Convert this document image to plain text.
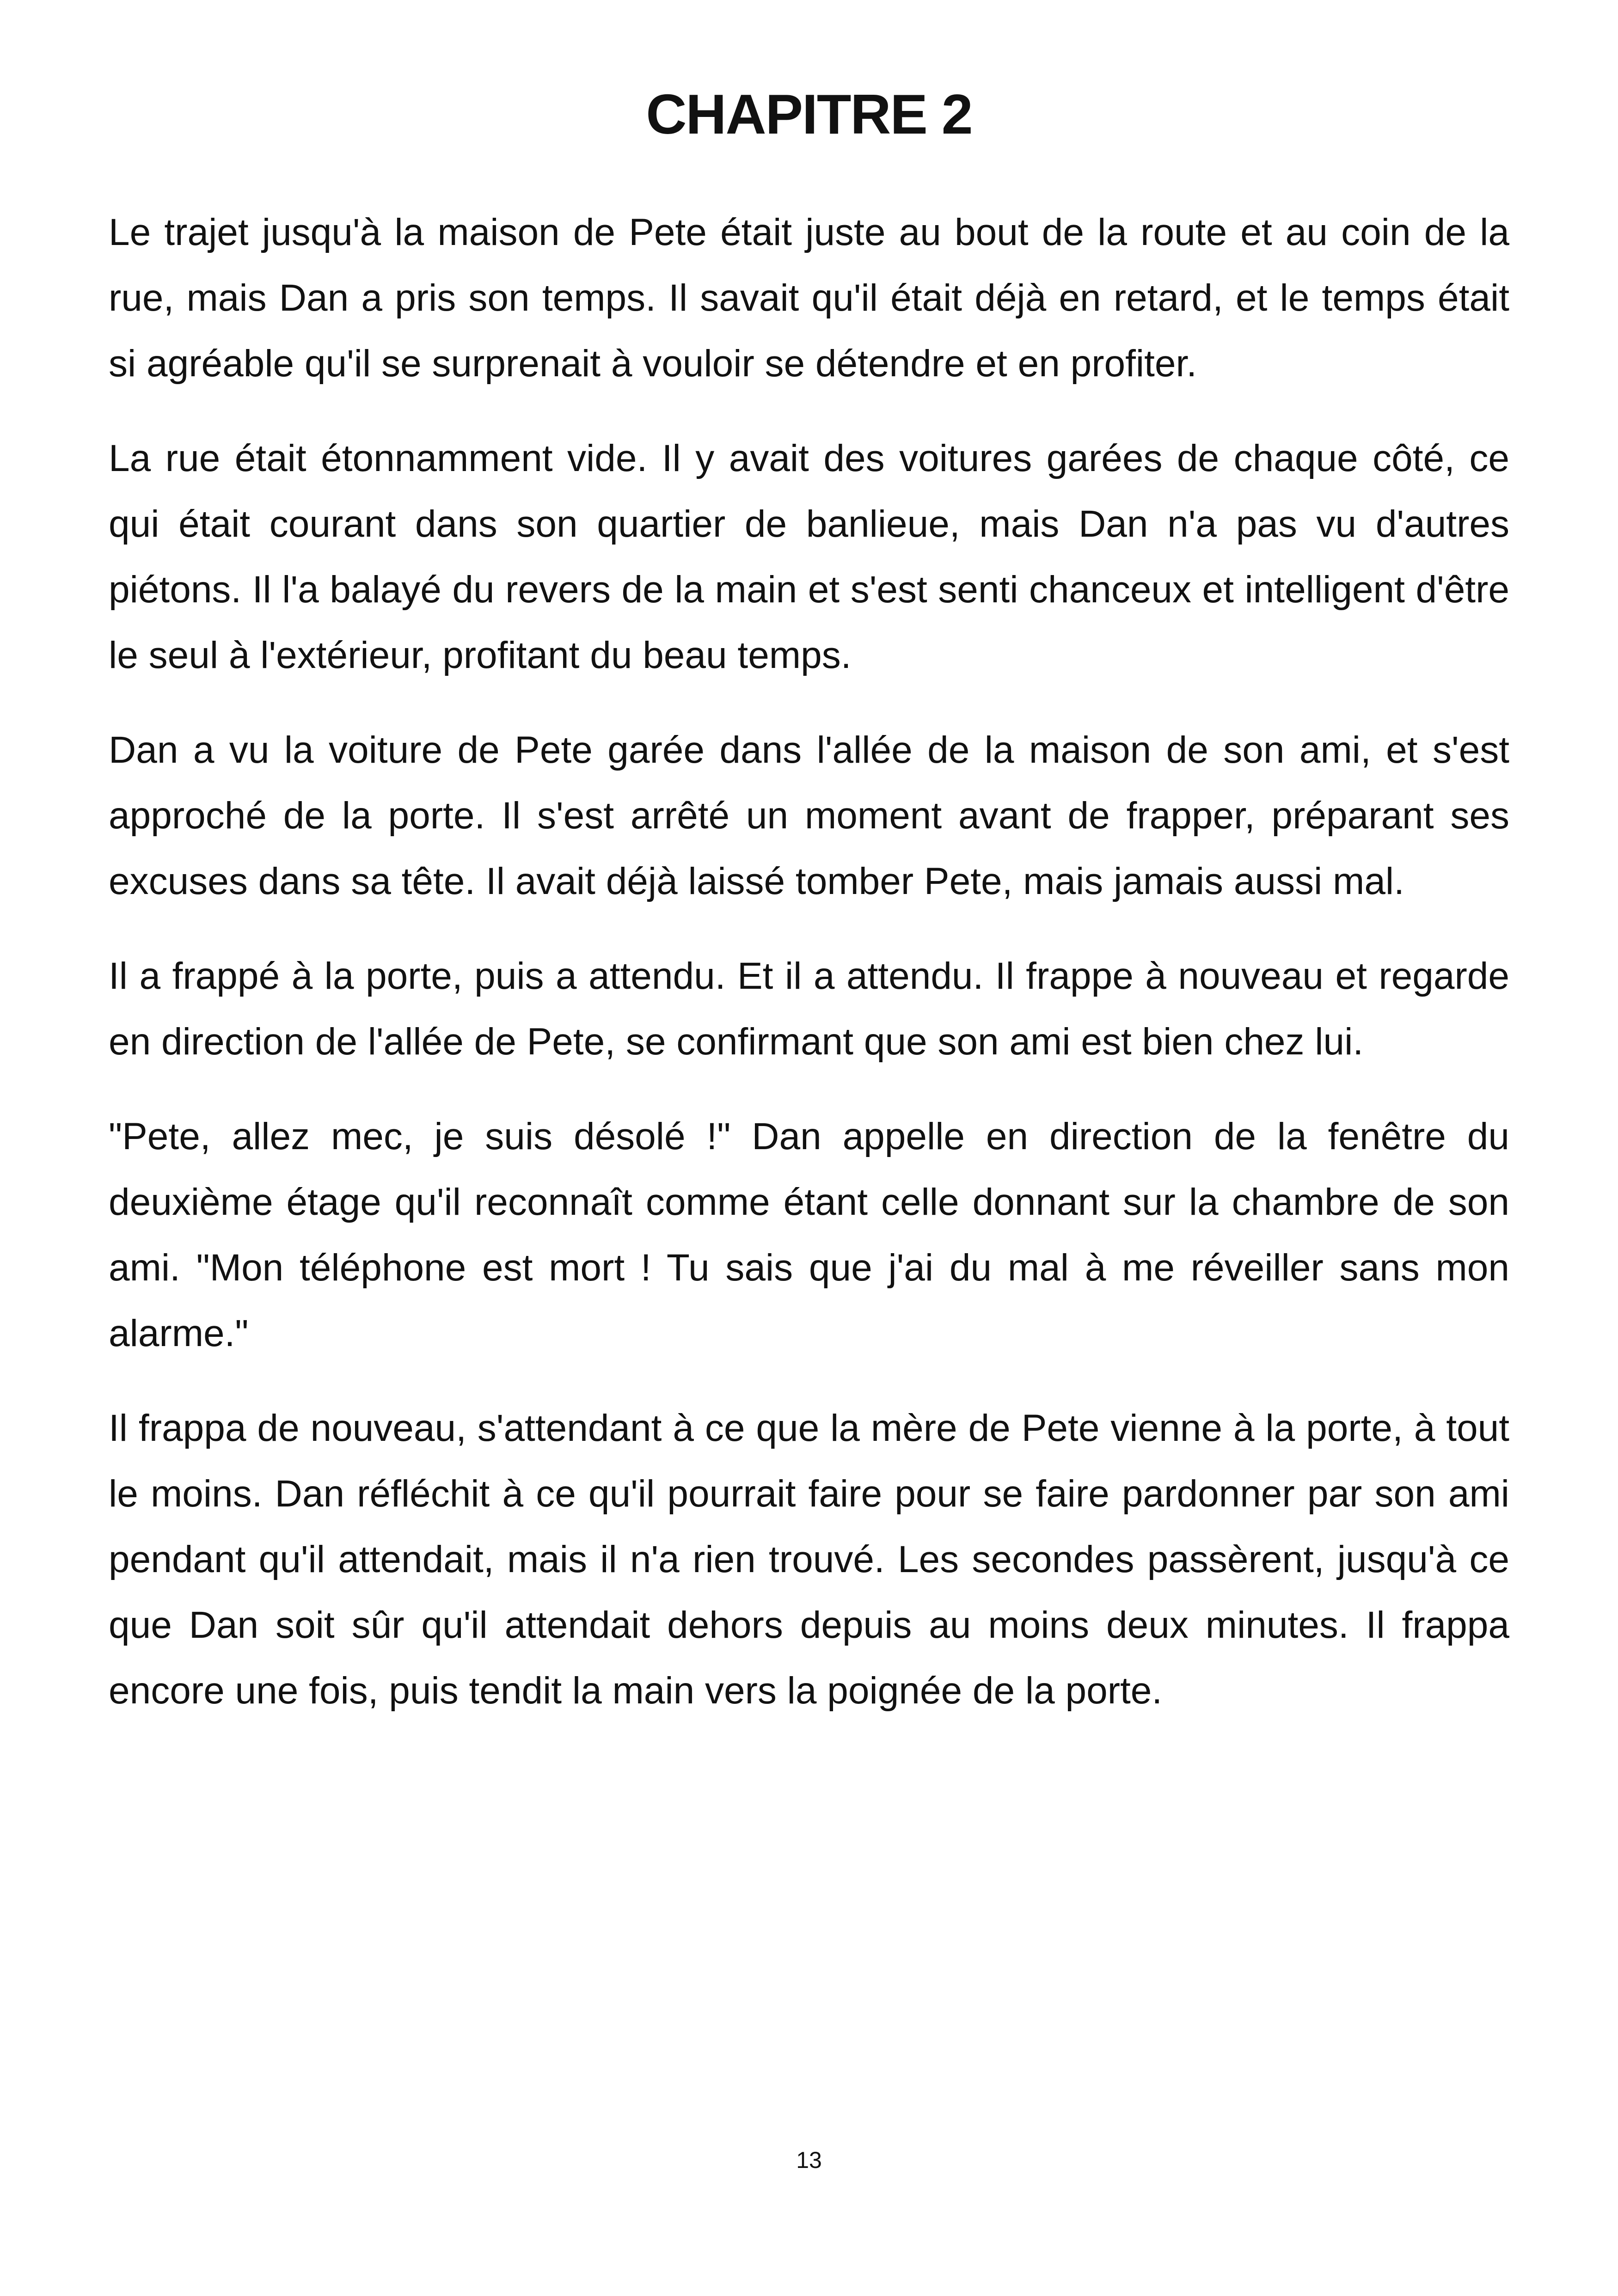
CHAPITRE 2

Le trajet jusqu'à la maison de Pete était juste au bout de la route et au coin de la rue, mais Dan a pris son temps. Il savait qu'il était déjà en retard, et le temps était si agréable qu'il se surprenait à vouloir se détendre et en profiter.

La rue était étonnamment vide. Il y avait des voitures garées de chaque côté, ce qui était courant dans son quartier de banlieue, mais Dan n'a pas vu d'autres piétons. Il l'a balayé du revers de la main et s'est senti chanceux et intelligent d'être le seul à l'extérieur, profitant du beau temps.

Dan a vu la voiture de Pete garée dans l'allée de la maison de son ami, et s'est approché de la porte. Il s'est arrêté un moment avant de frapper, préparant ses excuses dans sa tête. Il avait déjà laissé tomber Pete, mais jamais aussi mal.

Il a frappé à la porte, puis a attendu. Et il a attendu. Il frappe à nouveau et regarde en direction de l'allée de Pete, se confirmant que son ami est bien chez lui.

"Pete, allez mec, je suis désolé !" Dan appelle en direction de la fenêtre du deuxième étage qu'il reconnaît comme étant celle donnant sur la chambre de son ami. "Mon téléphone est mort ! Tu sais que j'ai du mal à me réveiller sans mon alarme."

Il frappa de nouveau, s'attendant à ce que la mère de Pete vienne à la porte, à tout le moins. Dan réfléchit à ce qu'il pourrait faire pour se faire pardonner par son ami pendant qu'il attendait, mais il n'a rien trouvé. Les secondes passèrent, jusqu'à ce que Dan soit sûr qu'il attendait dehors depuis au moins deux minutes. Il frappa encore une fois, puis tendit la main vers la poignée de la porte.

13
